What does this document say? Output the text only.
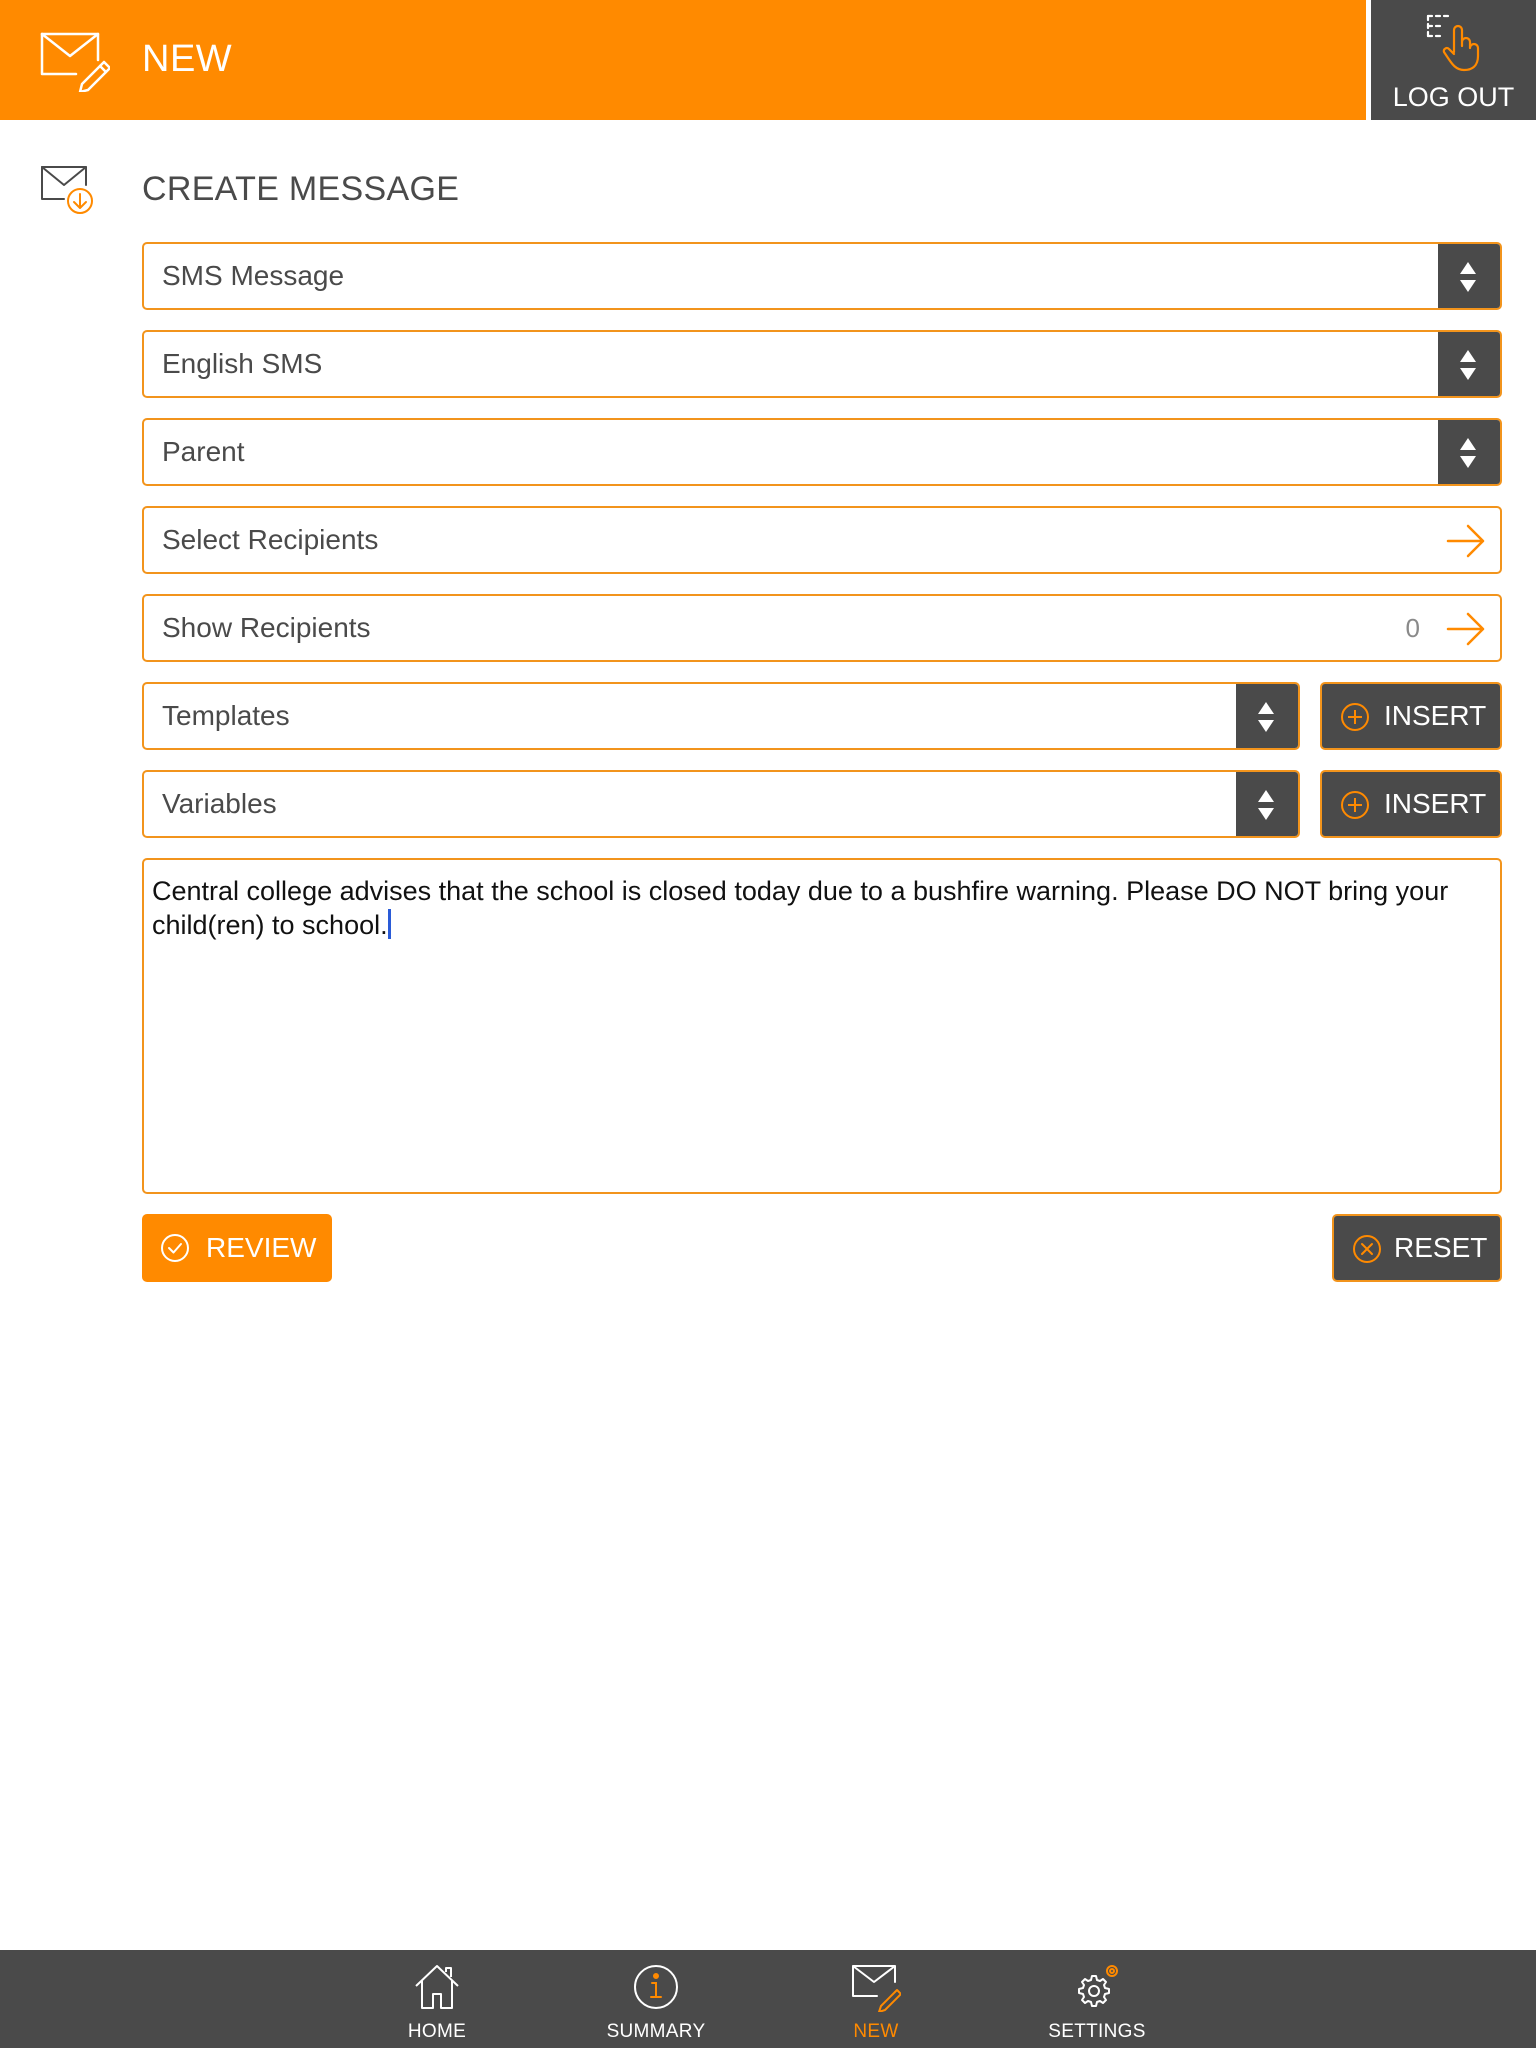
NEW
LOG OUT
CREATE MESSAGE
SMS Message
English SMS
Parent
Select Recipients
Show Recipients	0
Templates	INSERT
Variables	INSERT
Central college advises that the school is closed today due to a bushfire warning. Please DO NOT bring your child(ren) to school.
REVIEW	RESET
HOME	SUMMARY	NEW	SETTINGS
